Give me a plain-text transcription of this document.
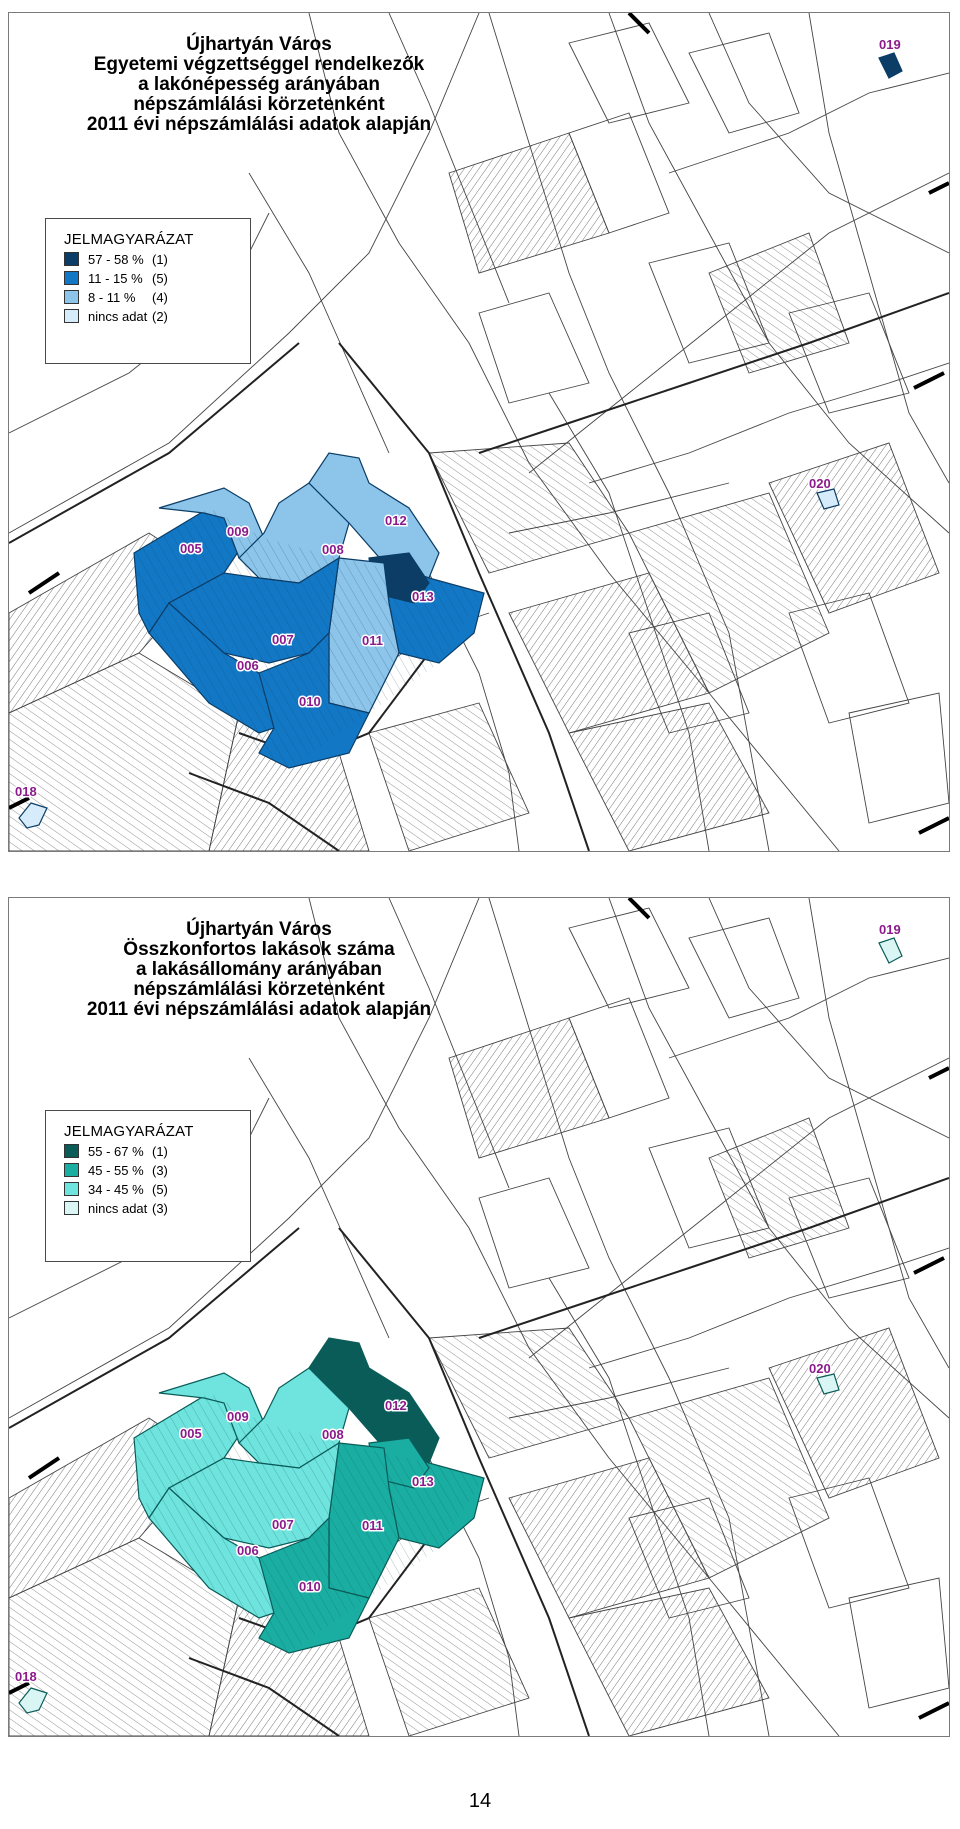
005
009
008
012
013
011
007
006
010
018
019
020
Újhartyán Város
Egyetemi végzettséggel rendelkezők
a lakónépesség arányában
népszámlálási körzetenként
2011 évi népszámlálási adatok alapján
JELMAGYARÁZAT
57 - 58 % (1)
11 - 15 % (5)
8 - 11 %	(4)
nincs adat (2)
005
009
008
012
013
011
007
006
010
018
019
020
Újhartyán Város
Összkonfortos lakások száma
a lakásállomány arányában
népszámlálási körzetenként
2011 évi népszámlálási adatok alapján
JELMAGYARÁZAT
55 - 67 % (1)
45 - 55 % (3)
34 - 45 % (5)
nincs adat (3)
14
